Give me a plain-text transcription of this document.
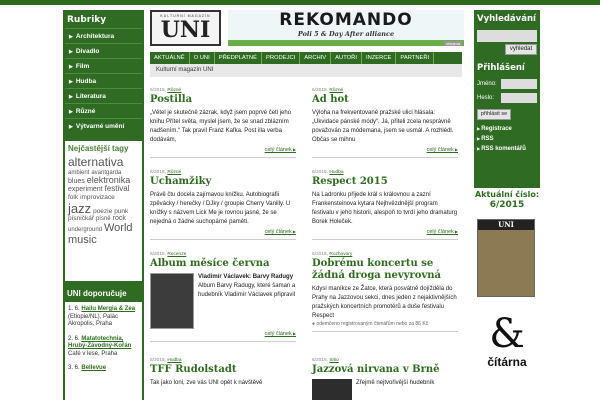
Rubriky
▶ Architektura
▶ Divadlo
▶ Film
▶ Hudba
▶ Literatura
▶ Různé
▶ Výtvarné umění
Nejčastější tagy
alternativa ambient avantgarda blues elektronika experiment festival folk improvizace jazz poezie punk písničkář písně rock underground World music
UNI doporučuje
1. 6. Hailu Mergia & Zea (Etiopie/NL), Palác Akropolis, Praha
2. 6. Matatotechnia, Hrubý-Závodný-Kořán Café v lese, Praha
3. 6. Bellevue
KULTURNÍ MAGAZÍN
UNI	REKOMANDO
Poli 5 & Day After alliance
reklama
AKTUÁLNĚ	O UNI	PŘEDPLATNÉ	PRODEJCI	ARCHIV	AUTOŘI	INZERCE	PARTNEŘI
Kulturní magazín UNI
6/2015, Různé
Postilla
„Větel je skutečně zázrak, když jsem poprvé četl jeho knihu Přítel světa, myslel jsem, že se snad zblázním nadšením.“ Tak pravil Franz Kafka. Post illa verba dodávám,
celý článek ▶
6/2015, Různé
Ad hot
Výloha na frekventované pražské ulici hlásala: „Ukvidace pánské módy“. Já, přiteli zcela nesprávně považován za módemana, jsem se usmál. A rozhlédl. Občas se mihnu
celý článek ▶
6/2015, Různé
Uchamžiky
Právě čtu docela zajímavou knížku. Autobiografii zpěvácky / herečky / DJky / groupie Cherry Vanilly. U knížky s názvem Lick Me je rovnou jasné, že se nejedná o žádné suchopárné paměti.
celý článek ▶
6/2015, Hudba
Respect 2015
Na Ladronku přijede král s královnou a zazní Frankensteinova kytara Nejhvězdnější program festivalu v jeho historii, alespoň to tvrdí jeho dramaturg Borek Holeček.
celý článek ▶
6/2015, Recenze
Album měsíce června
Vladimír Václavek: Barvy Radugy
Album Barvy Radugy, které šaman a hudebník Vladimír Václavek připravil
celý článek ▶
6/2015, Rozhovory
Dobrému koncertu se žádná droga nevyrovná
Kdysi maníkce ze Žatce, která posvátně dojížděla do Prahy na Jazzovou sekci, dnes jeden z nejaktivnějších pražských koncertních promotérů a duše festivalu Respect
● odemčeno registrovaným čtenářům nebo za 86 Kč
6/2015, Hudba
TFF Rudolstadt
Tak jako loni, zve vás UNI opět k návštěvě
6/2015, Sitio
Jazzová nirvana v Brně
Zřejmě nejtvořivější hudebník
Vyhledávání
vyhledat
Přihlášení
Jméno:
Heslo:
přihlásit se
▶ Registrace
▶ RSS
▶ RSS komentářů
Aktuální číslo:
6/2015
UNI
&
čítárna
